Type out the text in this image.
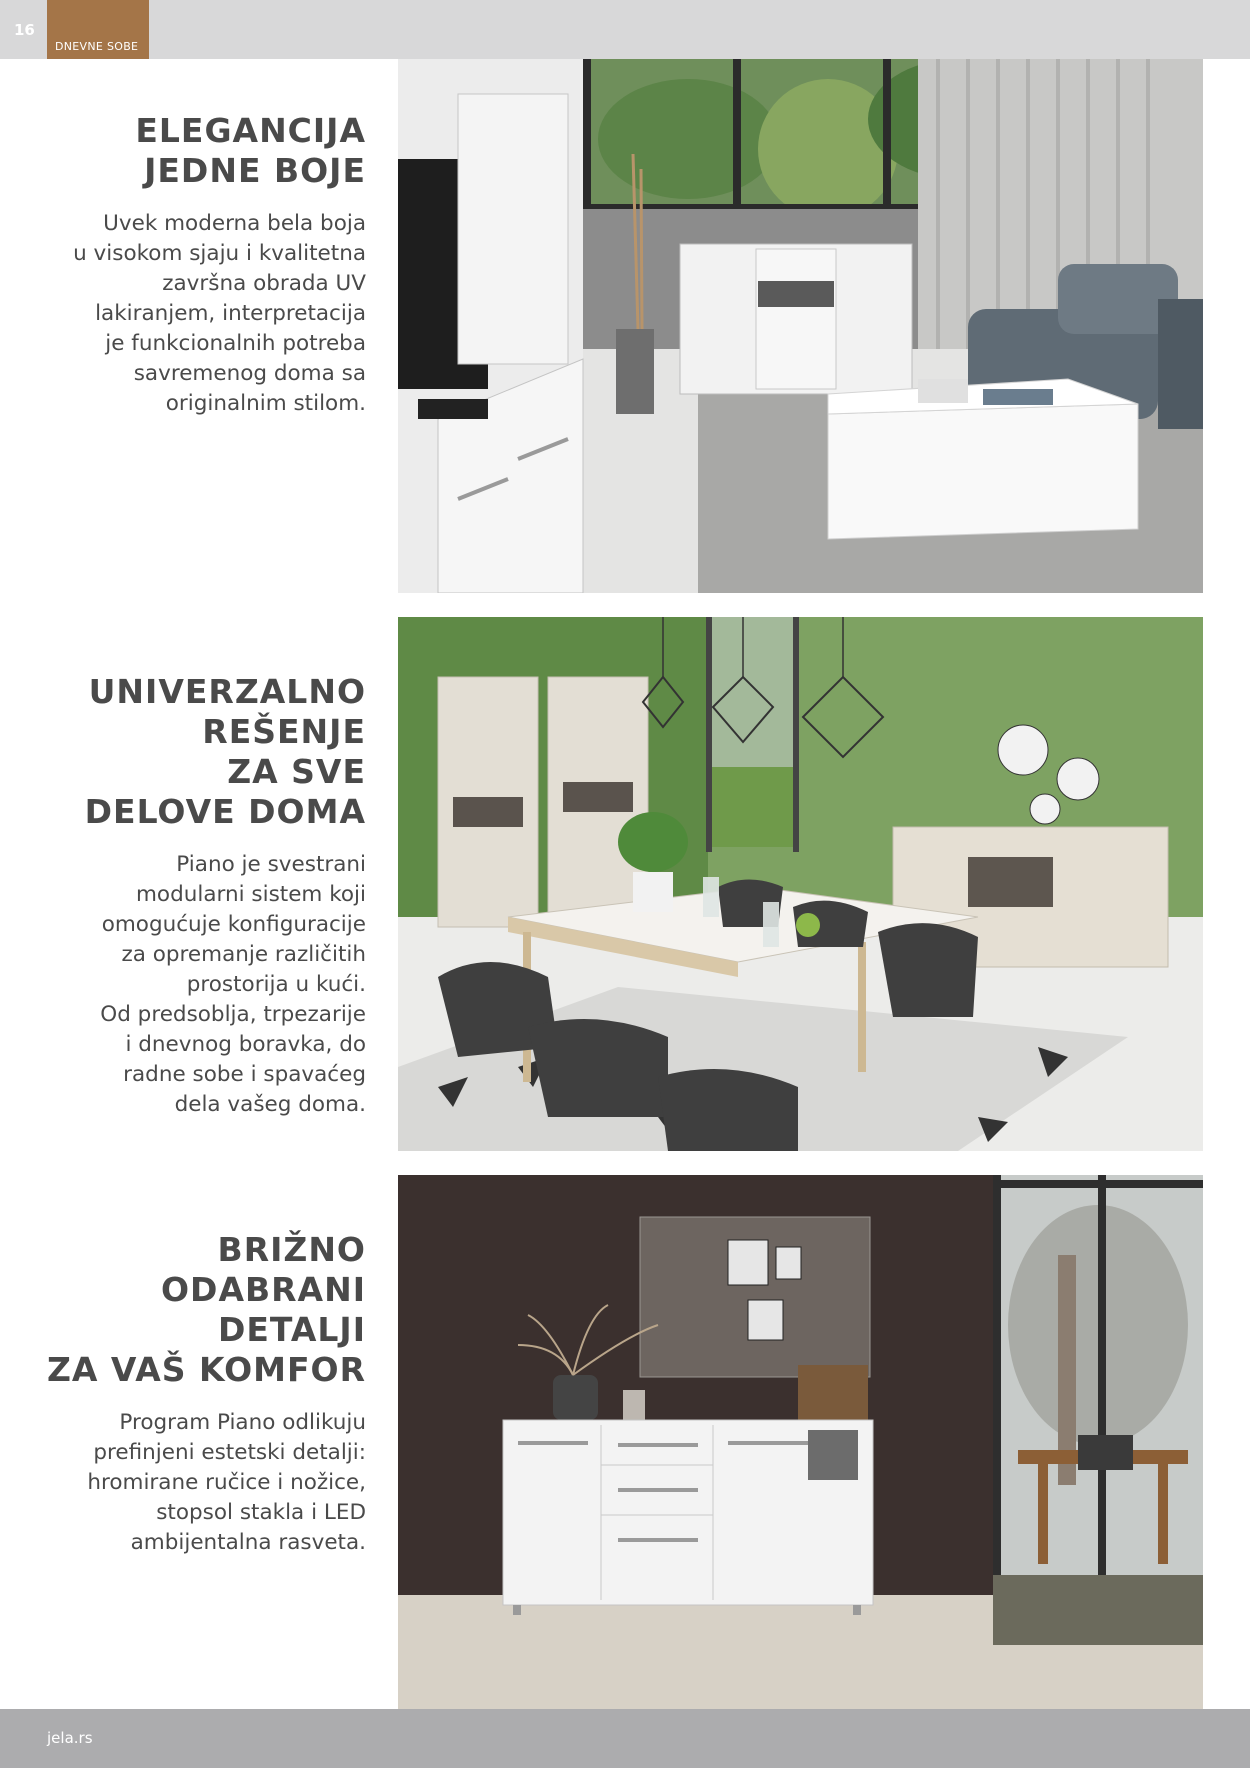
16
DNEVNE SOBE
ELEGANCIJA
JEDNE BOJE
Uvek moderna bela boja
u visokom sjaju i kvalitetna
završna obrada UV
lakiranjem, interpretacija
je funkcionalnih potreba
savremenog doma sa
originalnim stilom.
UNIVERZALNO
REŠENJE
ZA SVE
DELOVE DOMA
Piano je svestrani
modularni sistem koji
omogućuje konfiguracije
za opremanje različitih
prostorija u kući.
Od predsoblja, trpezarije
i dnevnog boravka, do
radne sobe i spavaćeg
dela vašeg doma.
BRIŽNO
ODABRANI
DETALJI
ZA VAŠ KOMFOR
Program Piano odlikuju
prefinjeni estetski detalji:
hromirane ručice i nožice,
stopsol stakla i LED
ambijentalna rasveta.
jela.rs
